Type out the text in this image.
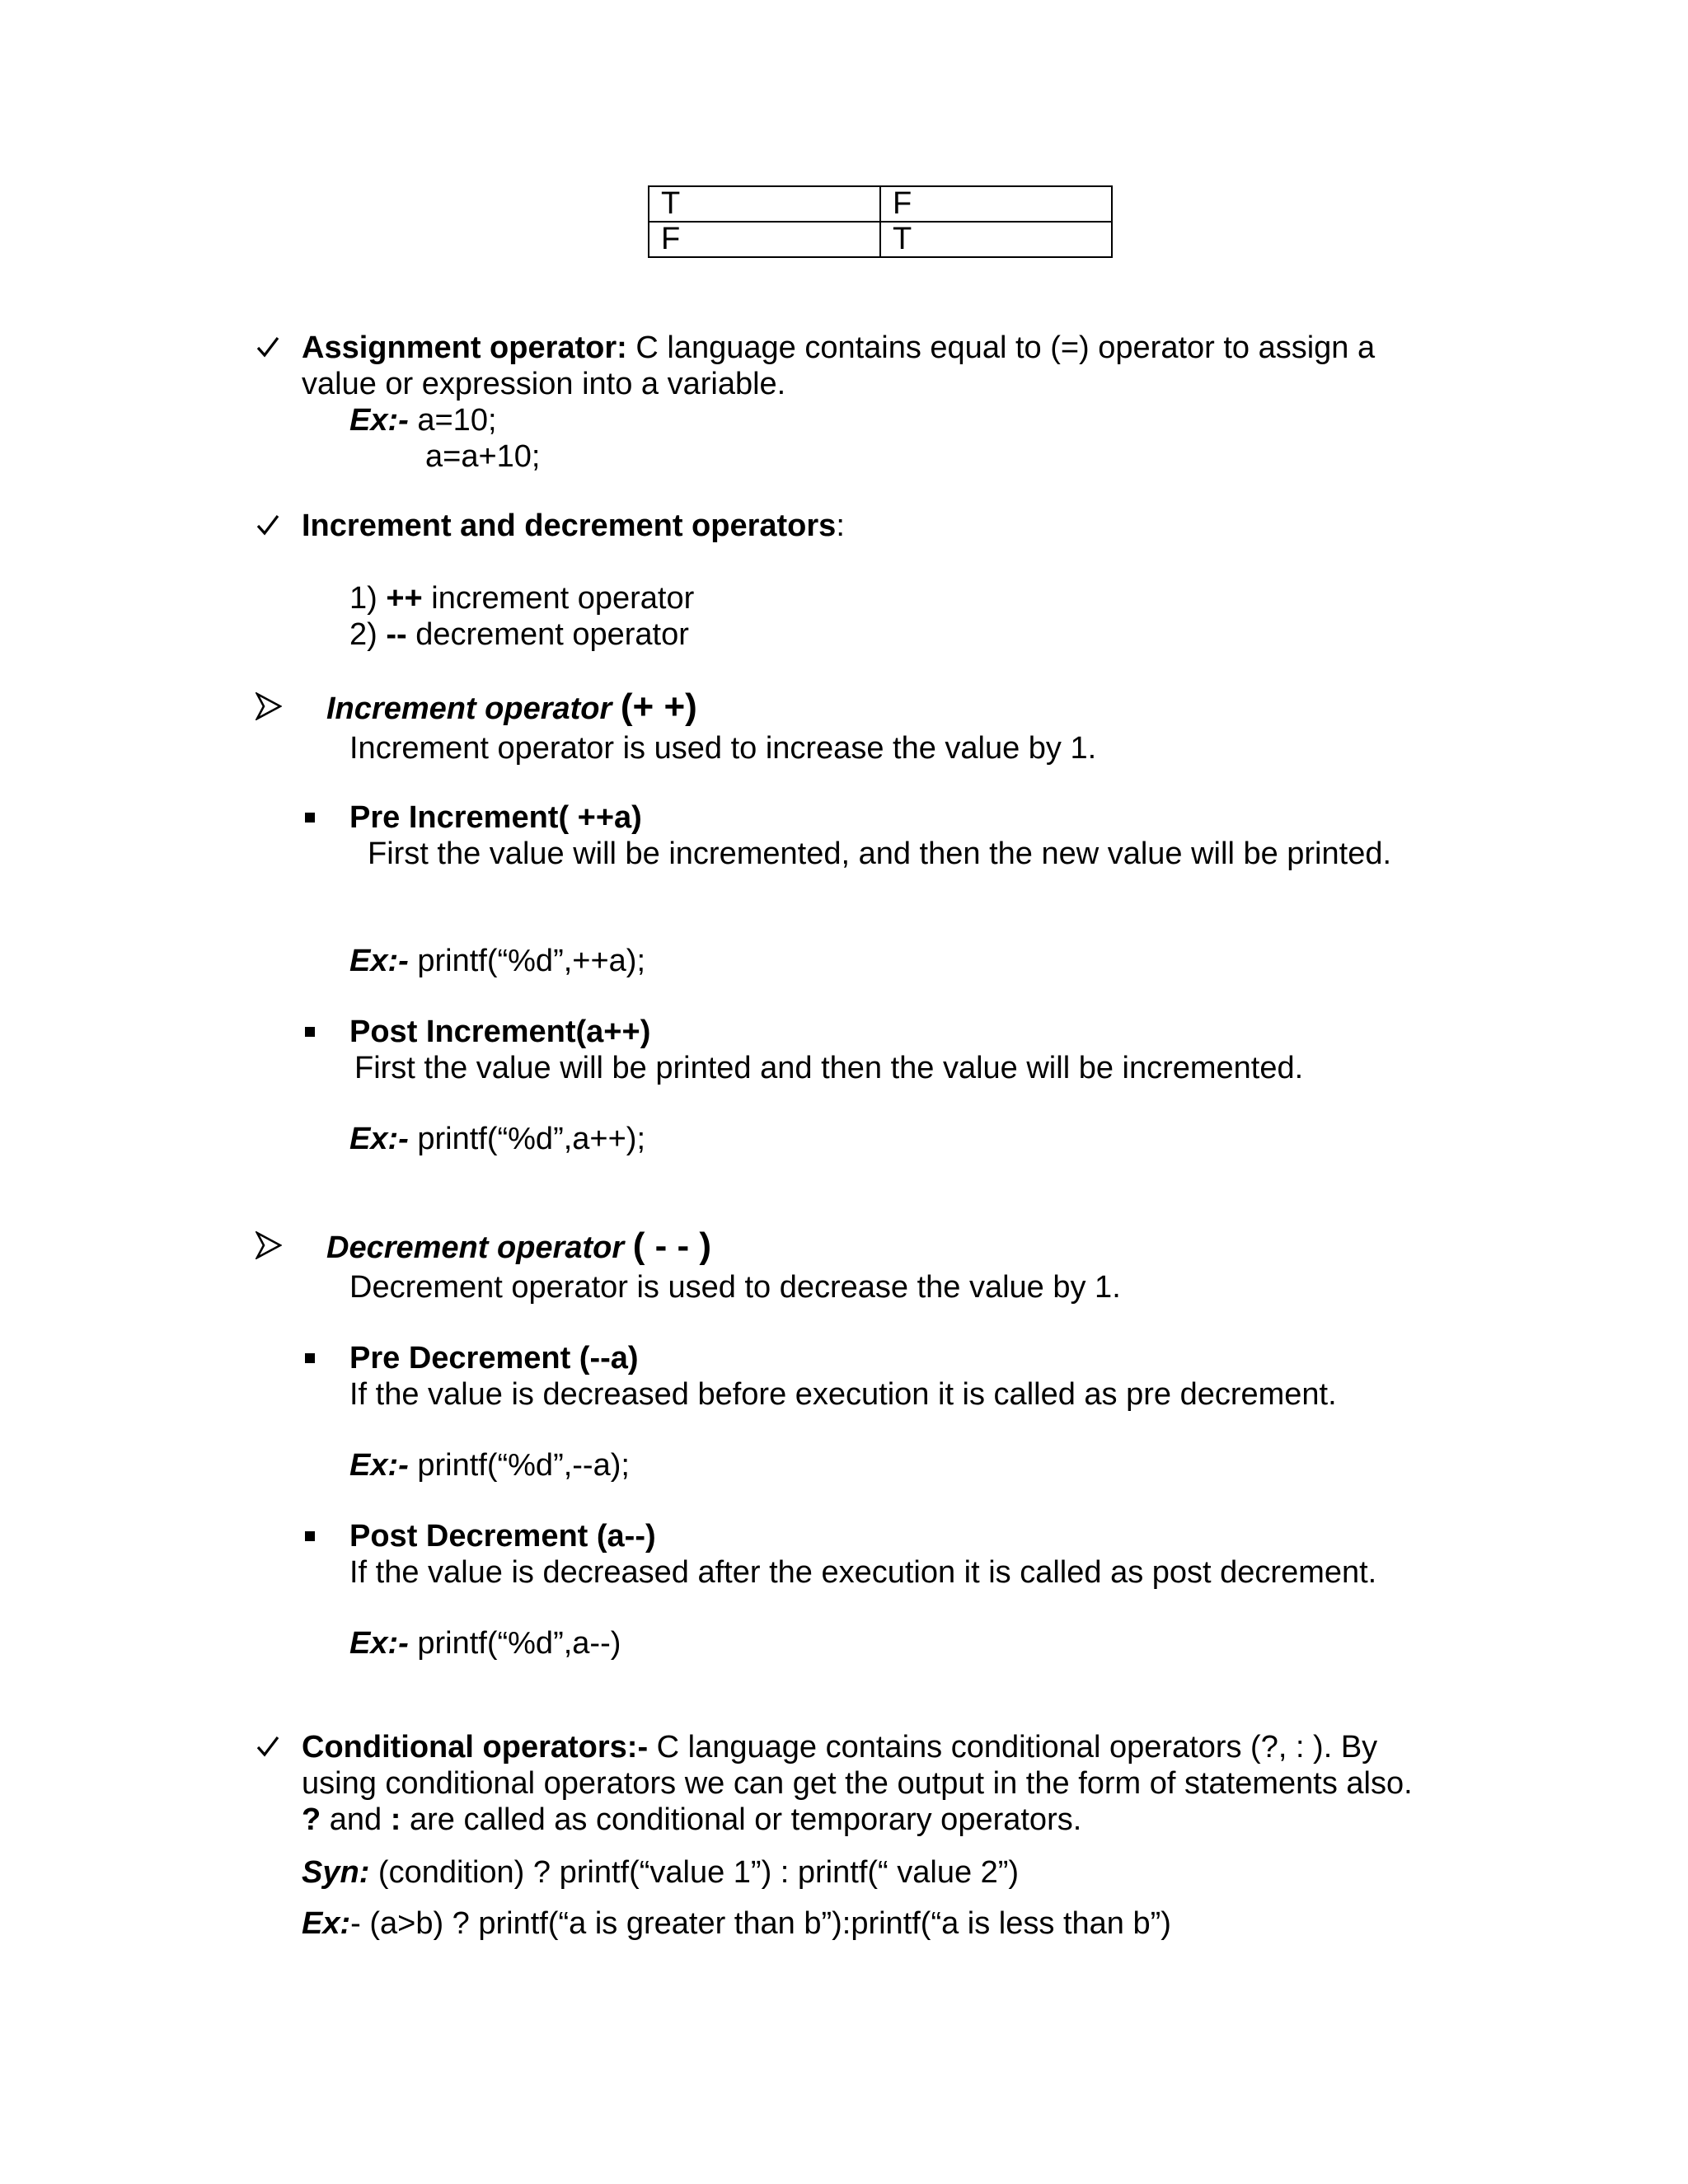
T	F
F	T
Assignment operator: C language contains equal to (=) operator to assign a
value or expression into a variable.
Ex:- a=10;
a=a+10;
Increment and decrement operators:
1) ++ increment operator
2) -- decrement operator
Increment operator (+ +)
Increment operator is used to increase the value by 1.
Pre Increment( ++a)
First the value will be incremented, and then the new value will be printed.
Ex:- printf(“%d”,++a);
Post Increment(a++)
First the value will be printed and then the value will be incremented.
Ex:- printf(“%d”,a++);
Decrement operator ( - - )
Decrement operator is used to decrease the value by 1.
Pre Decrement (--a)
If the value is decreased before execution it is called as pre decrement.
Ex:- printf(“%d”,--a);
Post Decrement (a--)
If the value is decreased after the execution it is called as post decrement.
Ex:- printf(“%d”,a--)
Conditional operators:- C language contains conditional operators (?, : ). By
using conditional operators we can get the output in the form of statements also.
? and : are called as conditional or temporary operators.
Syn: (condition) ? printf(“value 1”) : printf(“ value 2”)
Ex:- (a>b) ? printf(“a is greater than b”):printf(“a is less than b”)
